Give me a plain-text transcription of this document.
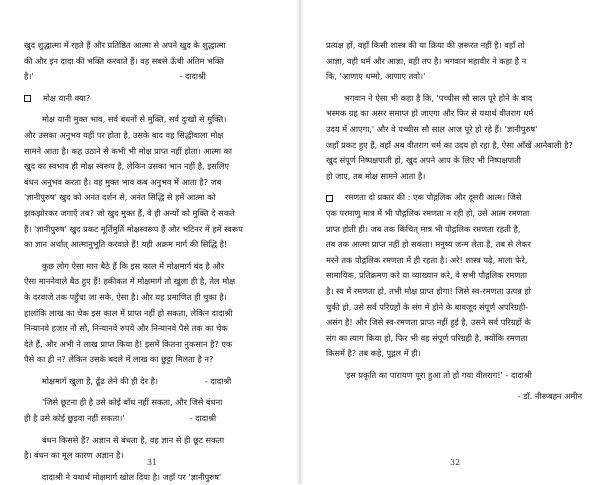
खुद शुद्धात्मा में रहते हैं और प्रतिष्ठित आत्मा से अपने खुद के शुद्धात्मा
की और इन दादा की भक्ति करवाते हैं। वह सबसे ऊँची अंतिम भक्ति
है।'                                                        - दादाश्री
मोक्ष यानी क्या?
मोक्ष यानी मुक्त भाव, सर्व बंधनों से मुक्ति, सर्व दुःखों से मुक्ति।
और उसका अनुभव यहीं पर होता है, उसके बाद वह सिद्धीवाला मोक्ष
सामने आता है। कह उठाने से कभी भी मोक्ष प्राप्त नहीं होता। आत्मा का
खुद का स्वभाव ही मोक्ष स्वरूप है, लेकिन उसका भान नहीं है, इसलिए
बंधन अनुभव करता है। वह मुक्त भाव कब अनुभव में आता है? जब
'ज्ञानीपुरुष' खुद को अनंत दर्शन से, अनंत सिद्धि से हमें आत्मा को
झकझोरकर जगाएँ तब? जो खुद मुक्त हैं, वे ही अन्यों को मुक्ति दे सकते
हैं। 'ज्ञानीपुरुष' खुद प्रकट मूर्तिमुर्ति मोक्षस्वरूप हैं और भटिनर में हमें स्वरूप
का ज्ञान अर्थात् आत्मानुभूति करवाते हैं! यही अक्रम मार्ग की सिद्धि है!
कुछ लोग ऐसा मान बैठे हैं कि इस काल में मोक्षमार्ग बंद है और
ऐसा माननेवाले बैठ हुए हैं! हकीकत में मोक्षमार्ग तो खुला ही है, तेल मोक्ष
के दरवाजे तक पहुँचा जा सके, ऐसा है। और यह प्रमाणित ही चुका है।
हालांकि लाख का चेक इस काल में प्राप्त नहीं हो सकता, लेकिन दादाश्री
निन्यानवे हजार नौ सौ, निन्यानवे रुपये और निन्यानवे पैसे तक का चेक
देते हैं, और अभी ने लाख प्राप्त किया है! इसमें कितना नुकसान है? एक
पैसे का ही न? लेकिन उसके बदले में लाख का छुट्टा मिलता है न?
मोक्षमार्ग खुला है, ढूँढ लेने की ही देर है।                  - दादाश्री
'जिसे छूटना ही है उसे कोई बाँध नहीं सकता, और जिसे बंधना
ही है उसे कोई छुड़वा नहीं सकता।'                         - दादाश्री
बंधन किससे हैं? अज्ञान से बंधता है, वह ज्ञान से ही छूट सकता
है। बंधन का मूल कारण अज्ञान है।
दादाश्री ने यथार्थ मोक्षमार्ग खोल दिया है। जहाँ पर 'ज्ञानीपुरुष'
31
प्रत्यक्ष हों, वहाँ किसी शास्त्र की या क्रिया की ज़रूरत नहीं है। वहाँ तो
आज्ञा, वही धर्म और आज्ञा, वही तप है। भगवान महावीर ने कहा है न
कि, 'आणाए धम्मो, आणाए तवो।'
भगवान ने ऐसा भी कहा है कि, 'पच्चीस सौ साल पूरे होने के बाद
भस्मक ग्रह का असर समाप्त हो जाएगा और फिर से यथार्थ वीतराग धर्म
उदय में आएगा,' और वे पच्चीस सौ साल आज पूरे हो रहे हैं। 'ज्ञानीपुरुष'
जहाँ प्रकट हुए हैं, वहाँ अब वीतराग धर्म का उदय हो रहा है, ऐसा आँखें आनेवाली है?
खुद संपूर्ण निष्पक्षपाती हो, खुद अपने आप के लिए भी निष्पक्षपाती
हो जाए, तब मोक्ष सामने आता है।
रमणता दो प्रकार की : एक पौद्गलिक और दूसरी आत्म। जिसे
एक परमाणु मात्र में भी पौद्गलिक रमणता न रही हो, उसे आत्म रमणता
प्राप्त होती ही। जब तक किंचित् मात्र भी पौद्गलिक रमणता रहती है,
तब तक आत्मा प्राप्त नहीं हो सकता। मनुष्य जन्म लेता है, तब से लेकर
मरने तक पौद्गलिक रमणता में ही रहता है। अरे! शास्त्र पढ़े, माला फेरे,
सामायिक, प्रतिक्रमण करे या व्याख्यान करे, वे सभी पौद्गलिक रमणता
है। स्व में रमणता हो, तभी मोक्ष प्राप्त होगा! जिसे स्व-रमणता उत्पन्न हो
चुकी हो, उसे सर्व परिग्रहों के संग में होने के बावजूद संपूर्ण अपरिग्रही-
असंग है! और जिसे स्व-रमणता प्राप्त नहीं हुई है, उसने सर्व परिग्रहों के
संग का त्याग किया हो, फिर भी वह संपूर्ण परिग्रही है, क्योंकि रमणता
किसमें है? तब कहे, पुद्गल में ही।
'इस प्रकृति का पारायण पूरा हुआ तो हो गया वीतराग!' - दादाश्री
- डॉ. नीरूबहन अमीन
32
